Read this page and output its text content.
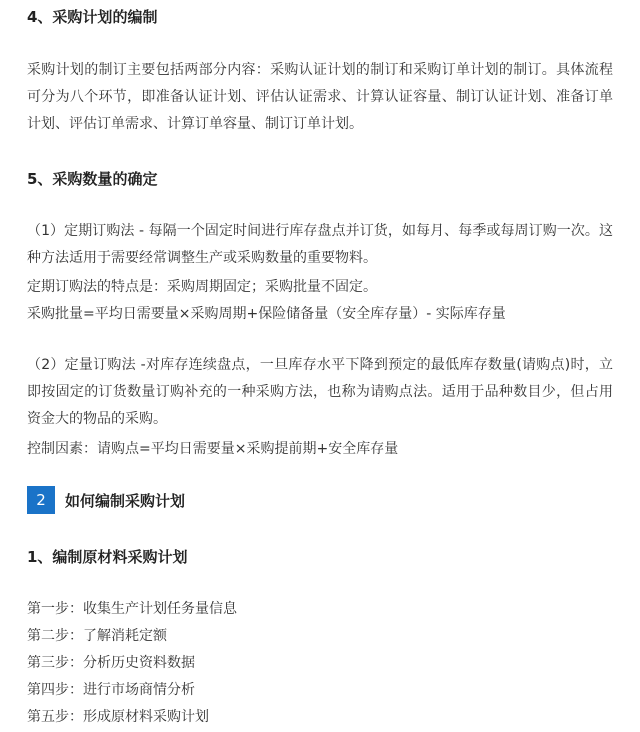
4、采购计划的编制
采购计划的制订主要包括两部分内容：采购认证计划的制订和采购订单计划的制订。具体流程可分为八个环节，即准备认证计划、评估认证需求、计算认证容量、制订认证计划、准备订单计划、评估订单需求、计算订单容量、制订订单计划。
5、采购数量的确定
（1）定期订购法 - 每隔一个固定时间进行库存盘点并订货，如每月、每季或每周订购一次。这种方法适用于需要经常调整生产或采购数量的重要物料。
定期订购法的特点是：采购周期固定；采购批量不固定。
采购批量=平均日需要量×采购周期+保险储备量（安全库存量）- 实际库存量
（2）定量订购法 -对库存连续盘点，一旦库存水平下降到预定的最低库存数量(请购点)时，立即按固定的订货数量订购补充的一种采购方法，也称为请购点法。适用于品种数目少，但占用资金大的物品的采购。
控制因素：请购点=平均日需要量×采购提前期+安全库存量
2	如何编制采购计划
1、编制原材料采购计划
第一步：收集生产计划任务量信息
第二步：了解消耗定额
第三步：分析历史资料数据
第四步：进行市场商情分析
第五步：形成原材料采购计划
